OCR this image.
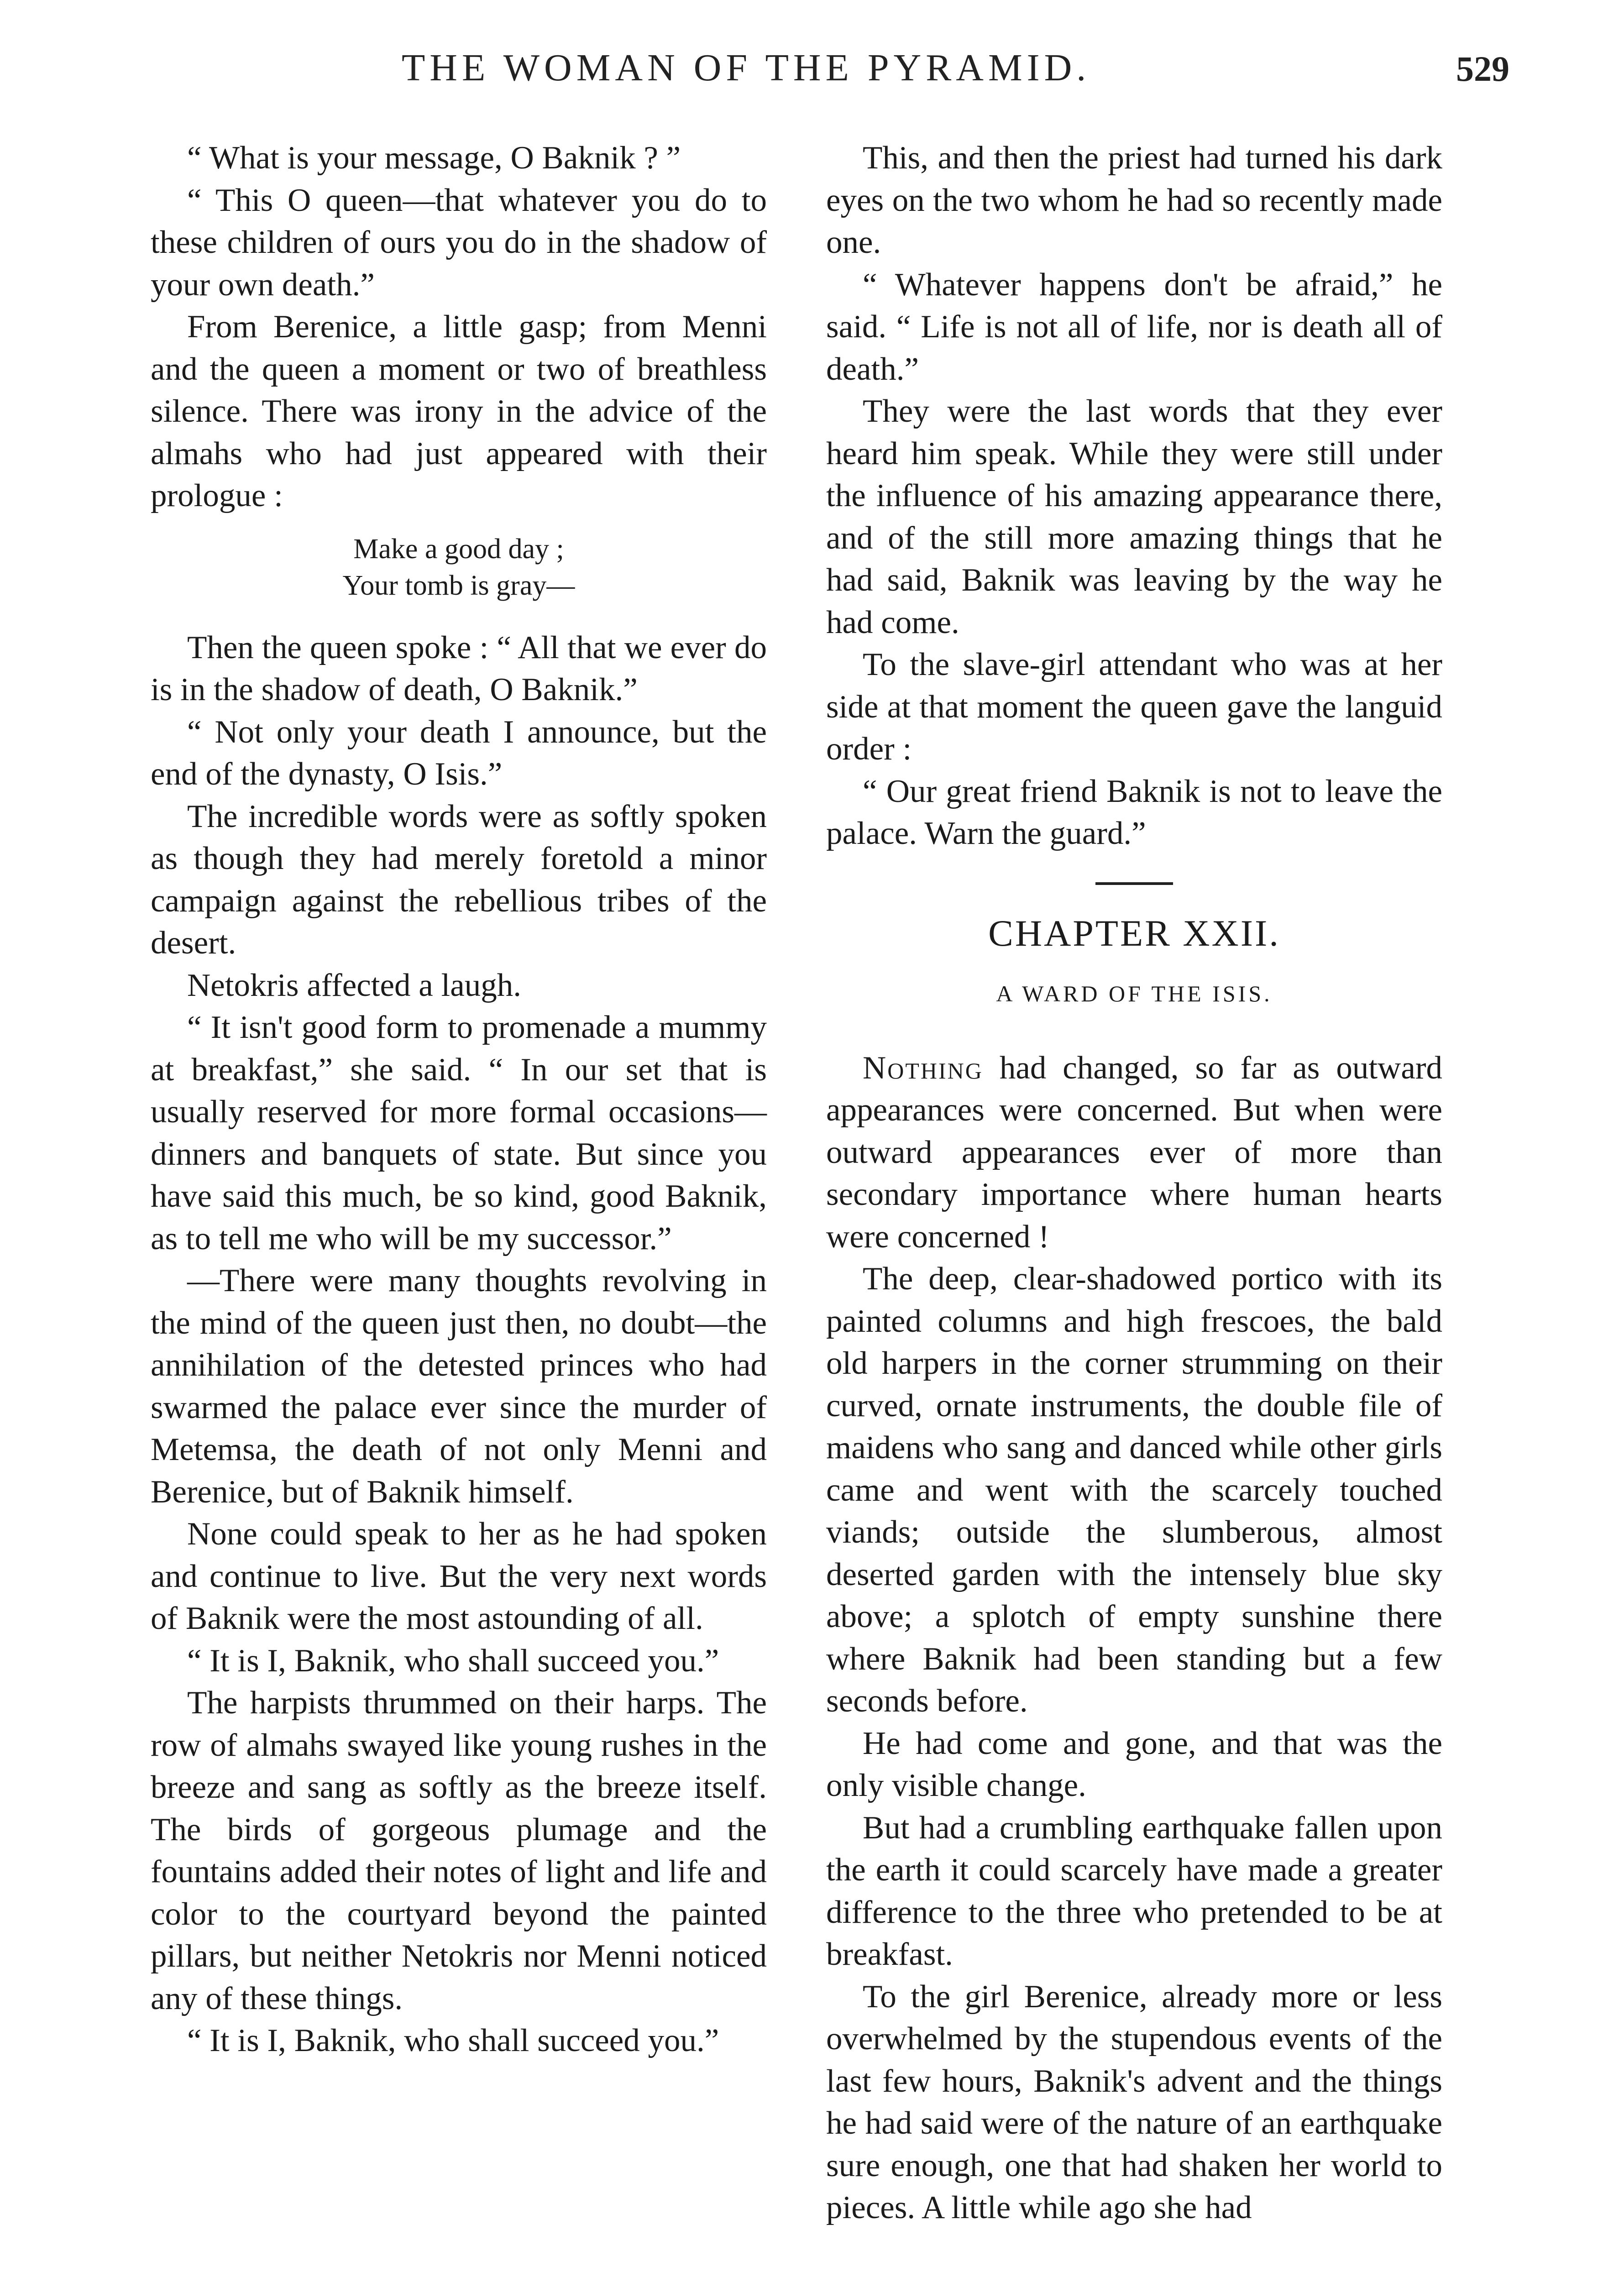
THE WOMAN OF THE PYRAMID.	529

“ What is your message, O Baknik ? ”

“ This O queen—that whatever you do to these children of ours you do in the shadow of your own death.”

From Berenice, a little gasp; from Menni and the queen a moment or two of breathless silence. There was irony in the advice of the almahs who had just appeared with their prologue :

Make a good day ;
Your tomb is gray—

Then the queen spoke : “ All that we ever do is in the shadow of death, O Baknik.”

“ Not only your death I announce, but the end of the dynasty, O Isis.”

The incredible words were as softly spoken as though they had merely foretold a minor campaign against the rebellious tribes of the desert.

Netokris affected a laugh.

“ It isn't good form to promenade a mummy at breakfast,” she said. “ In our set that is usually reserved for more formal occasions—dinners and banquets of state. But since you have said this much, be so kind, good Baknik, as to tell me who will be my successor.”

—There were many thoughts revolving in the mind of the queen just then, no doubt—the annihilation of the detested princes who had swarmed the palace ever since the murder of Metemsa, the death of not only Menni and Berenice, but of Baknik himself.

None could speak to her as he had spoken and continue to live. But the very next words of Baknik were the most astounding of all.

“ It is I, Baknik, who shall succeed you.”

The harpists thrummed on their harps. The row of almahs swayed like young rushes in the breeze and sang as softly as the breeze itself. The birds of gorgeous plumage and the fountains added their notes of light and life and color to the courtyard beyond the painted pillars, but neither Netokris nor Menni noticed any of these things.

“ It is I, Baknik, who shall succeed you.”

This, and then the priest had turned his dark eyes on the two whom he had so recently made one.

“ Whatever happens don't be afraid,” he said. “ Life is not all of life, nor is death all of death.”

They were the last words that they ever heard him speak. While they were still under the influence of his amazing appearance there, and of the still more amazing things that he had said, Baknik was leaving by the way he had come.

To the slave-girl attendant who was at her side at that moment the queen gave the languid order :

“ Our great friend Baknik is not to leave the palace. Warn the guard.”

CHAPTER XXII.
A WARD OF THE ISIS.

Nothing had changed, so far as outward appearances were concerned. But when were outward appearances ever of more than secondary importance where human hearts were concerned !

The deep, clear-shadowed portico with its painted columns and high frescoes, the bald old harpers in the corner strumming on their curved, ornate instruments, the double file of maidens who sang and danced while other girls came and went with the scarcely touched viands; outside the slumberous, almost deserted garden with the intensely blue sky above; a splotch of empty sunshine there where Baknik had been standing but a few seconds before.

He had come and gone, and that was the only visible change.

But had a crumbling earthquake fallen upon the earth it could scarcely have made a greater difference to the three who pretended to be at breakfast.

To the girl Berenice, already more or less overwhelmed by the stupendous events of the last few hours, Baknik's advent and the things he had said were of the nature of an earthquake sure enough, one that had shaken her world to pieces. A little while ago she had
